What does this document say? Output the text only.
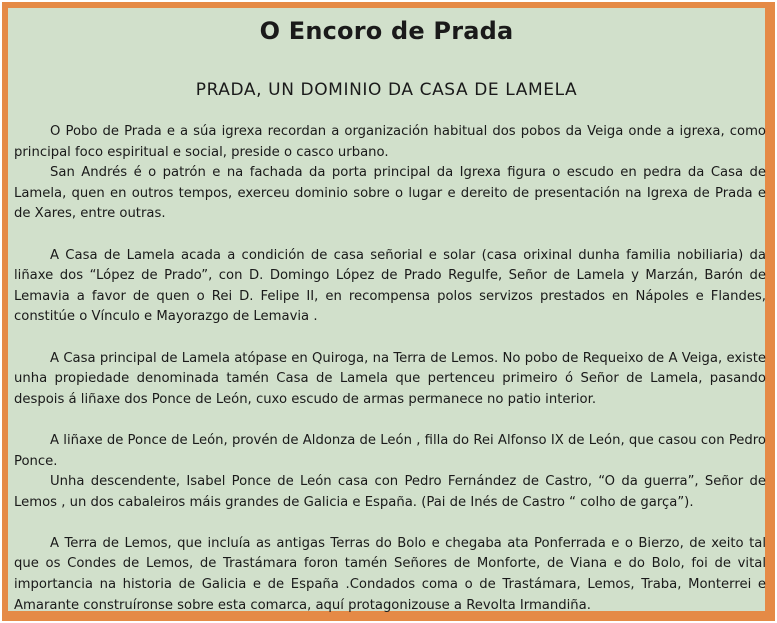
O Encoro de Prada
PRADA, UN DOMINIO DA CASA DE LAMELA

O Pobo de Prada e a súa igrexa recordan a organización habitual dos pobos da Veiga onde a igrexa, como principal foco espiritual e social, preside o casco urbano.

San Andrés é o patrón e na fachada da porta principal da Igrexa figura o escudo en pedra da Casa de Lamela, quen en outros tempos, exerceu dominio sobre o lugar e dereito de presentación na Igrexa de Prada e de Xares, entre outras.

A Casa de Lamela acada a condición de casa señorial e solar (casa orixinal dunha familia nobiliaria) da liñaxe dos “López de Prado”, con D. Domingo López de Prado Regulfe, Señor de Lamela y Marzán, Barón de Lemavia a favor de quen o Rei D. Felipe II, en recompensa polos servizos prestados en Nápoles e Flandes, constitúe o Vínculo e Mayorazgo de Lemavia .

A Casa principal de Lamela atópase en Quiroga, na Terra de Lemos. No pobo de Requeixo de A Veiga, existe unha propiedade denominada tamén Casa de Lamela que pertenceu primeiro ó Señor de Lamela, pasando despois á liñaxe dos Ponce de León, cuxo escudo de armas permanece no patio interior.

A liñaxe de Ponce de León, provén de Aldonza de León , filla do Rei Alfonso IX de León, que casou con Pedro Ponce.

Unha descendente, Isabel Ponce de León casa con Pedro Fernández de Castro, “O da guerra”, Señor de Lemos , un dos cabaleiros máis grandes de Galicia e España. (Pai de Inés de Castro “ colho de garça”).

A Terra de Lemos, que incluía as antigas Terras do Bolo e chegaba ata Ponferrada e o Bierzo, de xeito tal que os Condes de Lemos, de Trastámara foron tamén Señores de Monforte, de Viana e do Bolo, foi de vital importancia na historia de Galicia e de España .Condados coma o de Trastámara, Lemos, Traba, Monterrei e Amarante construíronse sobre esta comarca, aquí protagonizouse a Revolta Irmandiña.
